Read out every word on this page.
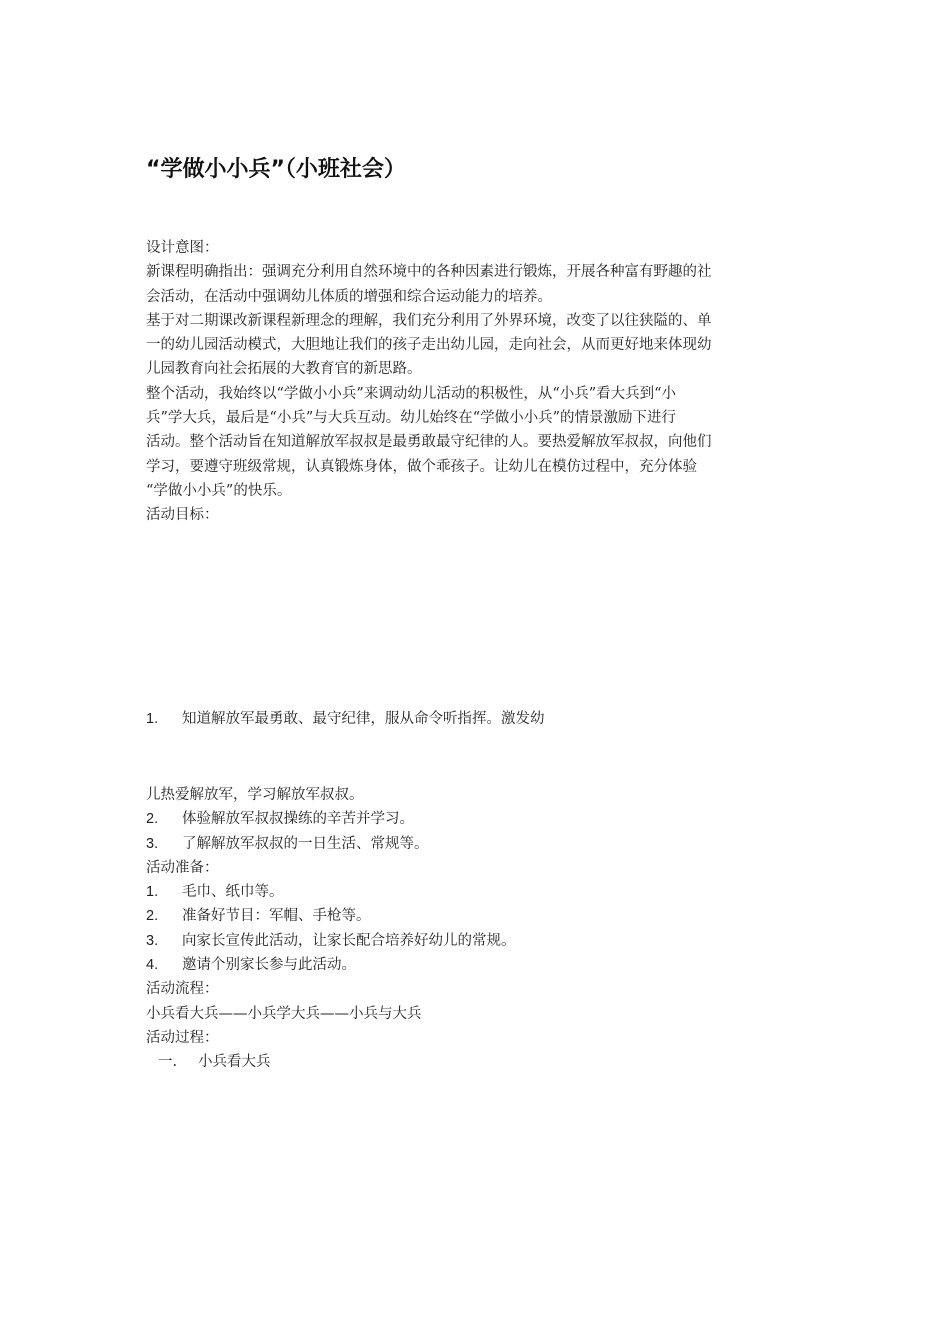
“学做小小兵”（小班社会）
设计意图：
新课程明确指出：强调充分利用自然环境中的各种因素进行锻炼，开展各种富有野趣的社
会活动，在活动中强调幼儿体质的增强和综合运动能力的培养。
基于对二期课改新课程新理念的理解，我们充分利用了外界环境，改变了以往狭隘的、单
一的幼儿园活动模式，大胆地让我们的孩子走出幼儿园，走向社会，从而更好地来体现幼
儿园教育向社会拓展的大教育官的新思路。
整个活动，我始终以“学做小小兵”来调动幼儿活动的积极性，从“小兵”看大兵到“小
兵”学大兵，最后是“小兵”与大兵互动。幼儿始终在“学做小小兵”的情景激励下进行
活动。整个活动旨在知道解放军叔叔是最勇敢最守纪律的人。要热爱解放军叔叔，向他们
学习，要遵守班级常规，认真锻炼身体，做个乖孩子。让幼儿在模仿过程中，充分体验
“学做小小兵”的快乐。
活动目标：
1. 知道解放军最勇敢、最守纪律，服从命令听指挥。激发幼
儿热爱解放军，学习解放军叔叔。
2. 体验解放军叔叔操练的辛苦并学习。
3. 了解解放军叔叔的一日生活、常规等。
活动准备：
1. 毛巾、纸巾等。
2. 准备好节目：军帽、手枪等。
3. 向家长宣传此活动，让家长配合培养好幼儿的常规。
4. 邀请个别家长参与此活动。
活动流程：
小兵看大兵——小兵学大兵——小兵与大兵
活动过程：
一. 小兵看大兵
